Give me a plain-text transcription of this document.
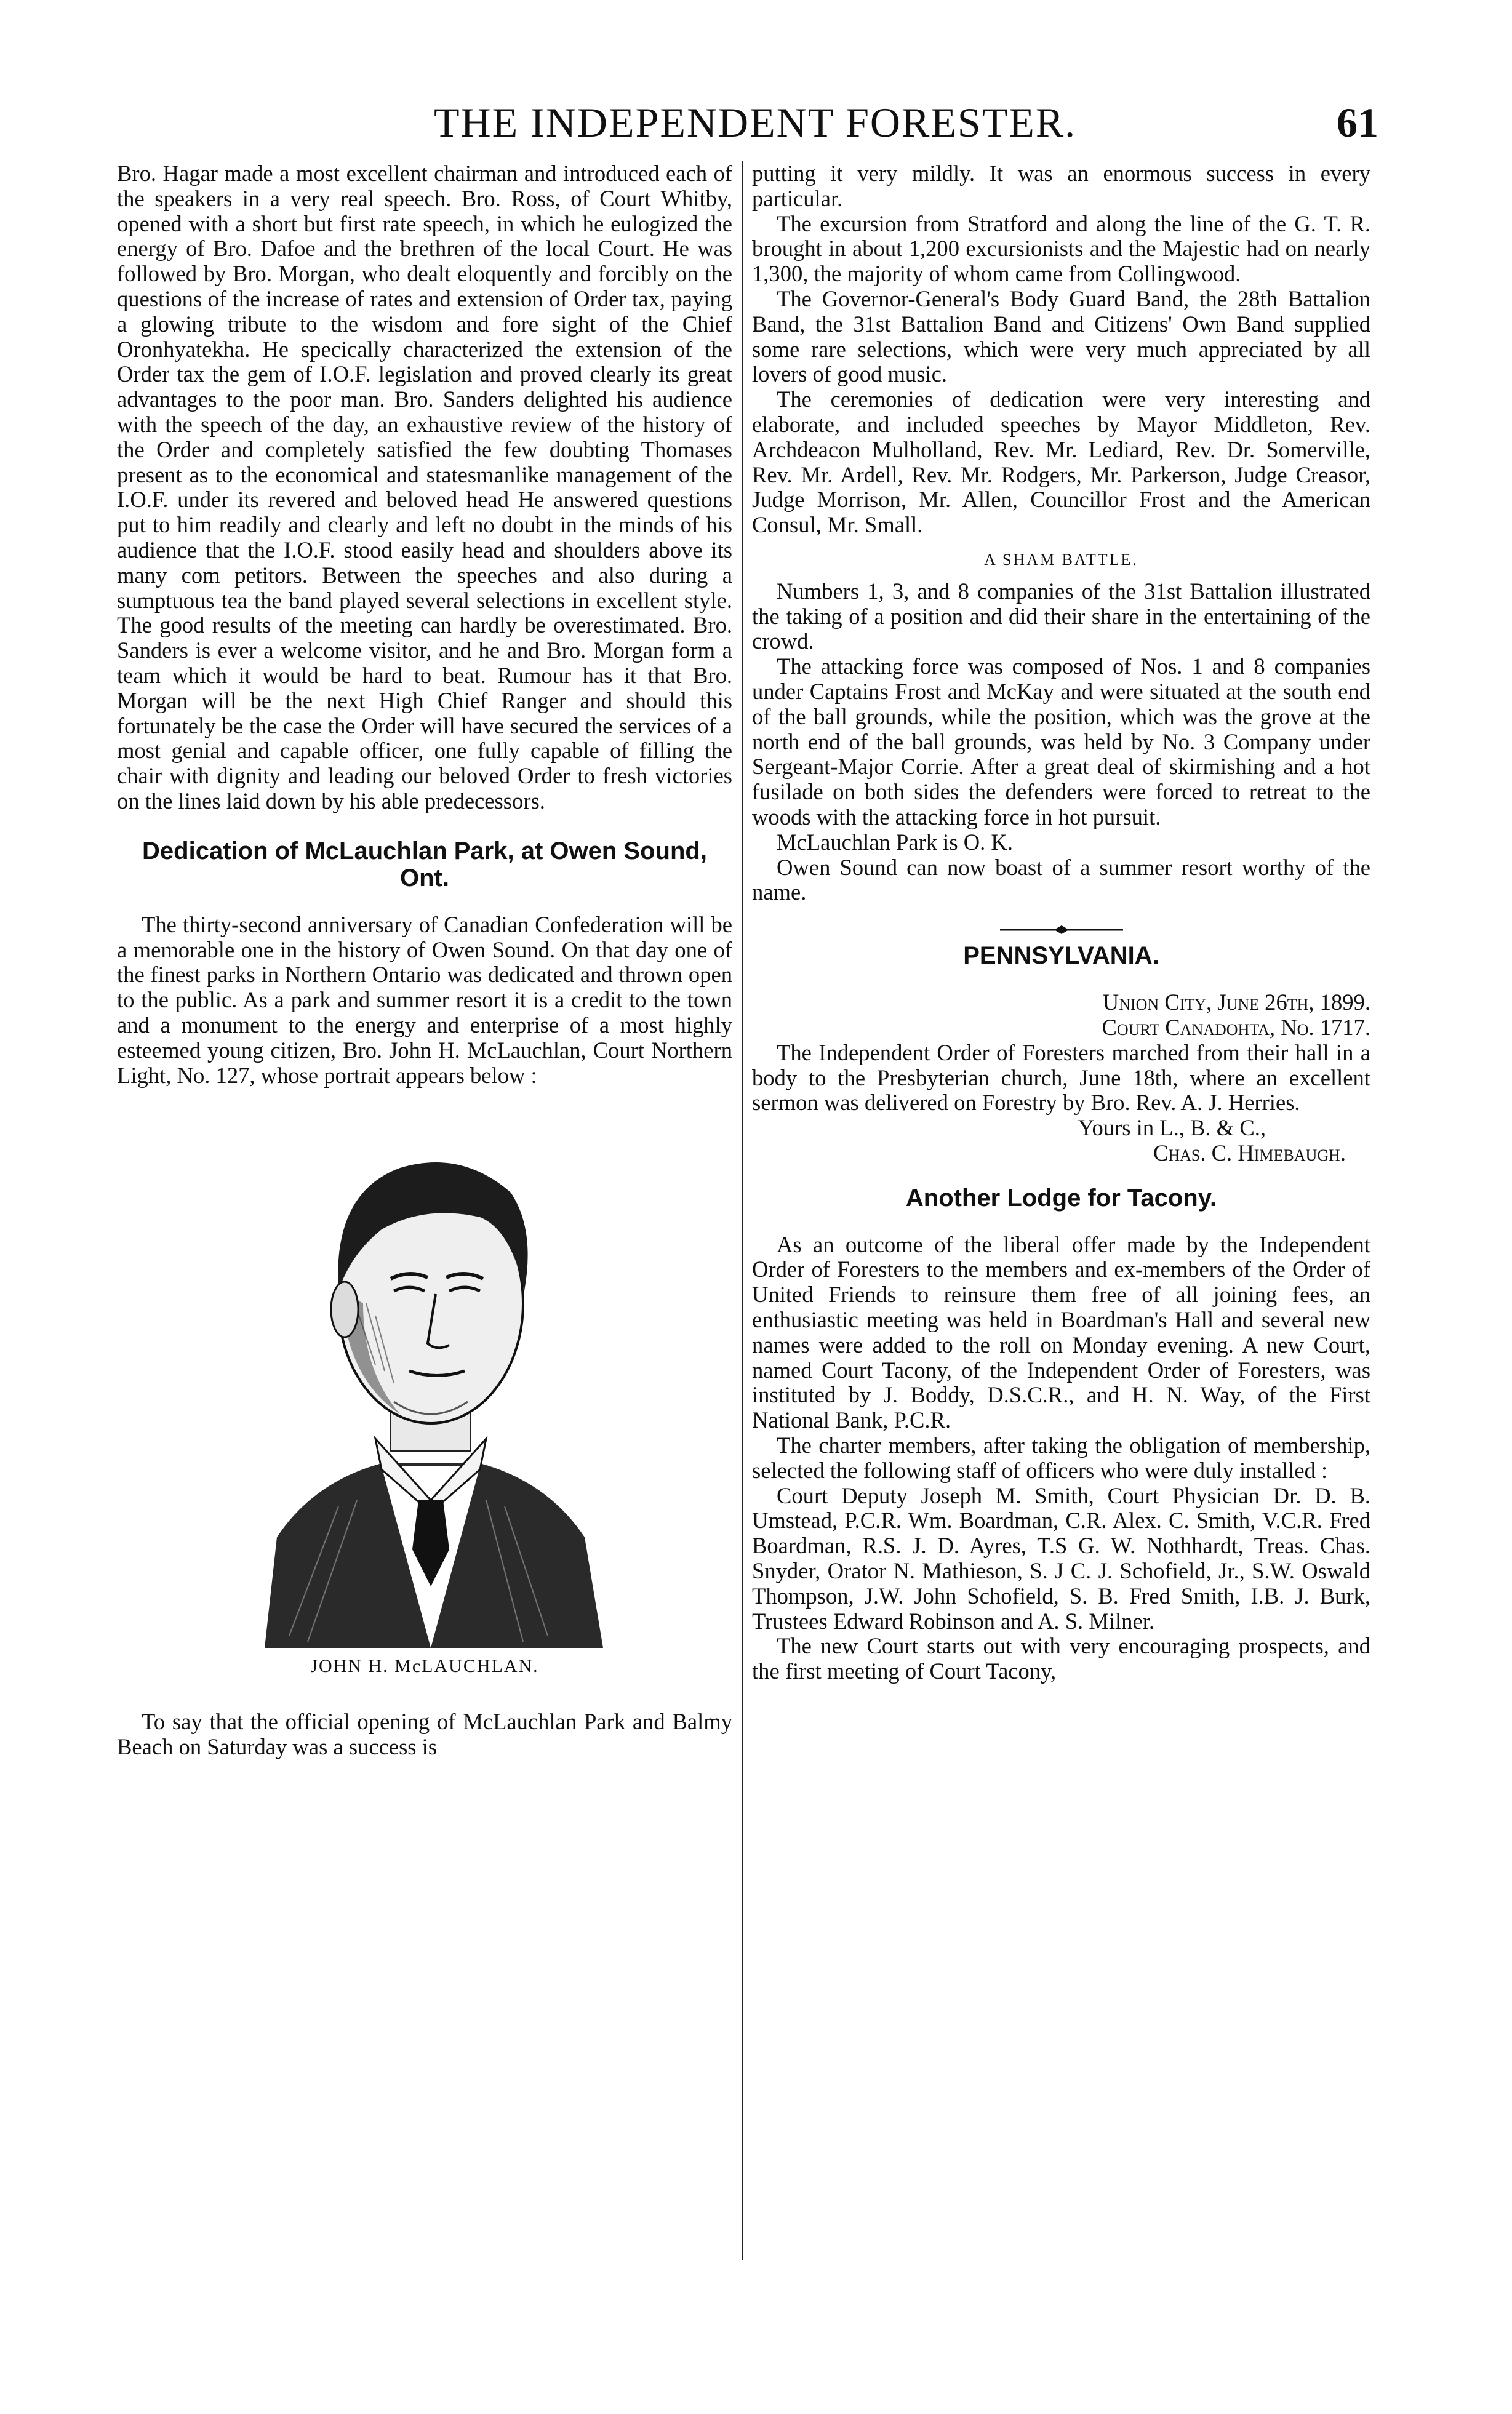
THE INDEPENDENT FORESTER.	61

Bro. Hagar made a most excellent chairman and introduced each of the speakers in a very real speech. Bro. Ross, of Court Whitby, opened with a short but first rate speech, in which he eulogized the energy of Bro. Dafoe and the brethren of the local Court. He was followed by Bro. Morgan, who dealt eloquently and forcibly on the questions of the increase of rates and extension of Order tax, paying a glowing tribute to the wisdom and fore sight of the Chief Oronhyatekha. He specically characterized the extension of the Order tax the gem of I.O.F. legislation and proved clearly its great advantages to the poor man. Bro. Sanders delighted his audience with the speech of the day, an exhaustive review of the history of the Order and completely satisfied the few doubting Thomases present as to the economical and statesmanlike management of the I.O.F. under its revered and beloved head He answered questions put to him readily and clearly and left no doubt in the minds of his audience that the I.O.F. stood easily head and shoulders above its many com petitors. Between the speeches and also during a sumptuous tea the band played several selections in excellent style. The good results of the meeting can hardly be overestimated. Bro. Sanders is ever a welcome visitor, and he and Bro. Morgan form a team which it would be hard to beat. Rumour has it that Bro. Morgan will be the next High Chief Ranger and should this fortunately be the case the Order will have secured the services of a most genial and capable officer, one fully capable of filling the chair with dignity and leading our beloved Order to fresh victories on the lines laid down by his able predecessors.

Dedication of McLauchlan Park, at Owen Sound, Ont.

The thirty-second anniversary of Canadian Confederation will be a memorable one in the history of Owen Sound. On that day one of the finest parks in Northern Ontario was dedicated and thrown open to the public. As a park and summer resort it is a credit to the town and a monument to the energy and enterprise of a most highly esteemed young citizen, Bro. John H. McLauchlan, Court Northern Light, No. 127, whose portrait appears below :

JOHN H. McLAUCHLAN.

To say that the official opening of McLauchlan Park and Balmy Beach on Saturday was a success is

putting it very mildly. It was an enormous success in every particular.

The excursion from Stratford and along the line of the G. T. R. brought in about 1,200 excursionists and the Majestic had on nearly 1,300, the majority of whom came from Collingwood.

The Governor-General's Body Guard Band, the 28th Battalion Band, the 31st Battalion Band and Citizens' Own Band supplied some rare selections, which were very much appreciated by all lovers of good music.

The ceremonies of dedication were very interesting and elaborate, and included speeches by Mayor Middleton, Rev. Archdeacon Mulholland, Rev. Mr. Lediard, Rev. Dr. Somerville, Rev. Mr. Ardell, Rev. Mr. Rodgers, Mr. Parkerson, Judge Creasor, Judge Morrison, Mr. Allen, Councillor Frost and the American Consul, Mr. Small.

A SHAM BATTLE.

Numbers 1, 3, and 8 companies of the 31st Battalion illustrated the taking of a position and did their share in the entertaining of the crowd.

The attacking force was composed of Nos. 1 and 8 companies under Captains Frost and McKay and were situated at the south end of the ball grounds, while the position, which was the grove at the north end of the ball grounds, was held by No. 3 Company under Sergeant-Major Corrie. After a great deal of skirmishing and a hot fusilade on both sides the defenders were forced to retreat to the woods with the attacking force in hot pursuit.

McLauchlan Park is O. K.

Owen Sound can now boast of a summer resort worthy of the name.

PENNSYLVANIA.

Union City, June 26th, 1899.

Court Canadohta, No. 1717.

The Independent Order of Foresters marched from their hall in a body to the Presbyterian church, June 18th, where an excellent sermon was delivered on Forestry by Bro. Rev. A. J. Herries.

Yours in L., B. & C.,

Chas. C. Himebaugh.

Another Lodge for Tacony.

As an outcome of the liberal offer made by the Independent Order of Foresters to the members and ex-members of the Order of United Friends to reinsure them free of all joining fees, an enthusiastic meeting was held in Boardman's Hall and several new names were added to the roll on Monday evening. A new Court, named Court Tacony, of the Independent Order of Foresters, was instituted by J. Boddy, D.S.C.R., and H. N. Way, of the First National Bank, P.C.R.

The charter members, after taking the obligation of membership, selected the following staff of officers who were duly installed :

Court Deputy Joseph M. Smith, Court Physician Dr. D. B. Umstead, P.C.R. Wm. Boardman, C.R. Alex. C. Smith, V.C.R. Fred Boardman, R.S. J. D. Ayres, T.S G. W. Nothhardt, Treas. Chas. Snyder, Orator N. Mathieson, S. J C. J. Schofield, Jr., S.W. Oswald Thompson, J.W. John Schofield, S. B. Fred Smith, I.B. J. Burk, Trustees Edward Robinson and A. S. Milner.

The new Court starts out with very encouraging prospects, and the first meeting of Court Tacony,
